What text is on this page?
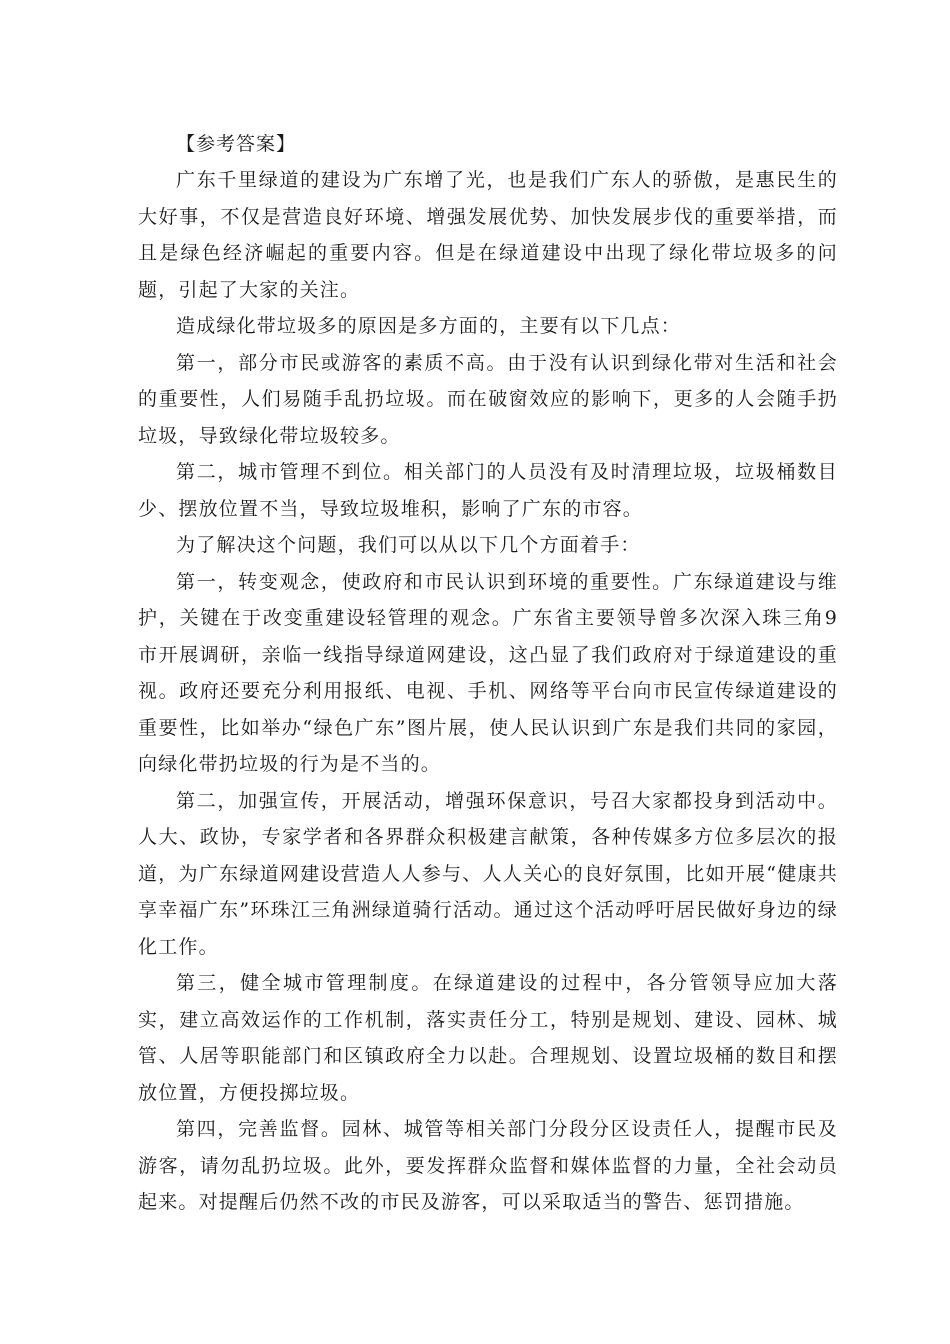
【参考答案】

广东千里绿道的建设为广东增了光，也是我们广东人的骄傲，是惠民生的大好事，不仅是营造良好环境、增强发展优势、加快发展步伐的重要举措，而且是绿色经济崛起的重要内容。但是在绿道建设中出现了绿化带垃圾多的问题，引起了大家的关注。

造成绿化带垃圾多的原因是多方面的，主要有以下几点：

第一，部分市民或游客的素质不高。由于没有认识到绿化带对生活和社会的重要性，人们易随手乱扔垃圾。而在破窗效应的影响下，更多的人会随手扔垃圾，导致绿化带垃圾较多。

第二，城市管理不到位。相关部门的人员没有及时清理垃圾，垃圾桶数目少、摆放位置不当，导致垃圾堆积，影响了广东的市容。

为了解决这个问题，我们可以从以下几个方面着手：

第一，转变观念，使政府和市民认识到环境的重要性。广东绿道建设与维护，关键在于改变重建设轻管理的观念。广东省主要领导曾多次深入珠三角9市开展调研，亲临一线指导绿道网建设，这凸显了我们政府对于绿道建设的重视。政府还要充分利用报纸、电视、手机、网络等平台向市民宣传绿道建设的重要性，比如举办“绿色广东”图片展，使人民认识到广东是我们共同的家园，向绿化带扔垃圾的行为是不当的。

第二，加强宣传，开展活动，增强环保意识，号召大家都投身到活动中。人大、政协，专家学者和各界群众积极建言献策，各种传媒多方位多层次的报道，为广东绿道网建设营造人人参与、人人关心的良好氛围，比如开展“健康共享幸福广东”环珠江三角洲绿道骑行活动。通过这个活动呼吁居民做好身边的绿化工作。

第三，健全城市管理制度。在绿道建设的过程中，各分管领导应加大落实，建立高效运作的工作机制，落实责任分工，特别是规划、建设、园林、城管、人居等职能部门和区镇政府全力以赴。合理规划、设置垃圾桶的数目和摆放位置，方便投掷垃圾。

第四，完善监督。园林、城管等相关部门分段分区设责任人，提醒市民及游客，请勿乱扔垃圾。此外，要发挥群众监督和媒体监督的力量，全社会动员起来。对提醒后仍然不改的市民及游客，可以采取适当的警告、惩罚措施。
